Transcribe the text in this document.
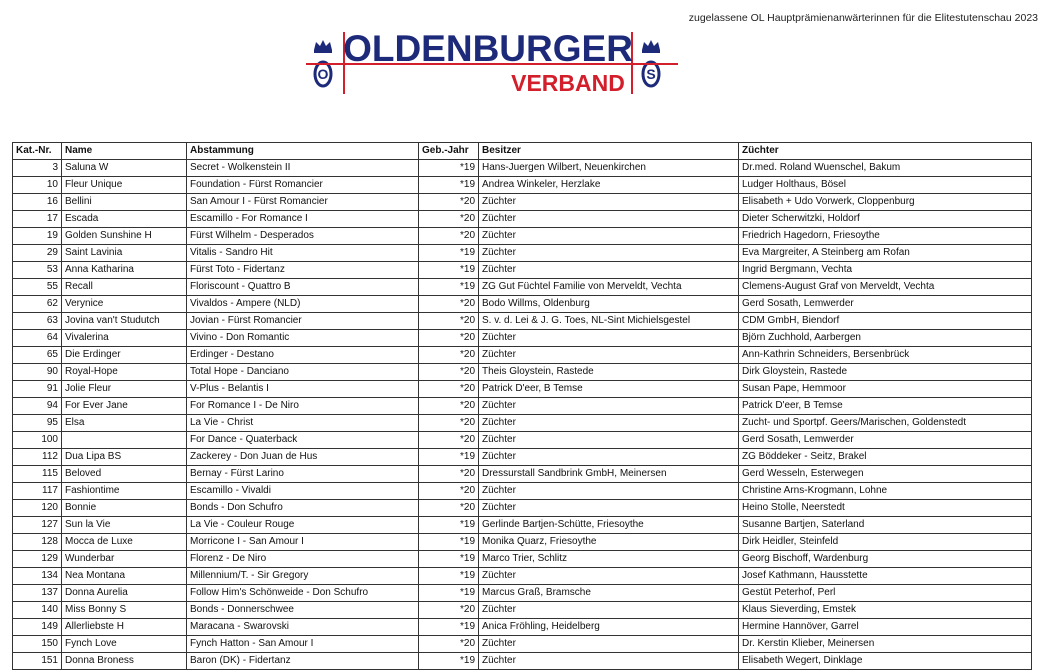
zugelassene OL Hauptprämienanwärterinnen für die Elitestutenschau 2023
O	S
OLDENBURGER
VERBAND
Kat.-Nr.	Name	Abstammung	Geb.-Jahr	Besitzer	Züchter
3	Saluna W	Secret - Wolkenstein II	*19	Hans-Juergen Wilbert, Neuenkirchen	Dr.med. Roland Wuenschel, Bakum
10	Fleur Unique	Foundation - Fürst Romancier	*19	Andrea Winkeler, Herzlake	Ludger Holthaus, Bösel
16	Bellini	San Amour I - Fürst Romancier	*20	Züchter	Elisabeth + Udo Vorwerk, Cloppenburg
17	Escada	Escamillo - For Romance I	*20	Züchter	Dieter Scherwitzki, Holdorf
19	Golden Sunshine H	Fürst Wilhelm - Desperados	*20	Züchter	Friedrich Hagedorn, Friesoythe
29	Saint Lavinia	Vitalis - Sandro Hit	*19	Züchter	Eva Margreiter, A Steinberg am Rofan
53	Anna Katharina	Fürst Toto - Fidertanz	*19	Züchter	Ingrid Bergmann, Vechta
55	Recall	Floriscount - Quattro B	*19	ZG Gut Füchtel Familie von Merveldt, Vechta	Clemens-August Graf von Merveldt, Vechta
62	Verynice	Vivaldos - Ampere (NLD)	*20	Bodo Willms, Oldenburg	Gerd Sosath, Lemwerder
63	Jovina van't Studutch	Jovian - Fürst Romancier	*20	S. v. d. Lei & J. G. Toes, NL-Sint Michielsgestel	CDM GmbH, Biendorf
64	Vivalerina	Vivino - Don Romantic	*20	Züchter	Björn Zuchhold, Aarbergen
65	Die Erdinger	Erdinger - Destano	*20	Züchter	Ann-Kathrin Schneiders, Bersenbrück
90	Royal-Hope	Total Hope - Danciano	*20	Theis Gloystein, Rastede	Dirk Gloystein, Rastede
91	Jolie Fleur	V-Plus - Belantis I	*20	Patrick D'eer, B Temse	Susan Pape, Hemmoor
94	For Ever Jane	For Romance I - De Niro	*20	Züchter	Patrick D'eer, B Temse
95	Elsa	La Vie - Christ	*20	Züchter	Zucht- und Sportpf. Geers/Marischen, Goldenstedt
100		For Dance - Quaterback	*20	Züchter	Gerd Sosath, Lemwerder
112	Dua Lipa BS	Zackerey - Don Juan de Hus	*19	Züchter	ZG Böddeker - Seitz, Brakel
115	Beloved	Bernay - Fürst Larino	*20	Dressurstall Sandbrink GmbH, Meinersen	Gerd Wesseln, Esterwegen
117	Fashiontime	Escamillo - Vivaldi	*20	Züchter	Christine Arns-Krogmann, Lohne
120	Bonnie	Bonds - Don Schufro	*20	Züchter	Heino Stolle, Neerstedt
127	Sun la Vie	La Vie - Couleur Rouge	*19	Gerlinde Bartjen-Schütte, Friesoythe	Susanne Bartjen, Saterland
128	Mocca de Luxe	Morricone I - San Amour I	*19	Monika Quarz, Friesoythe	Dirk Heidler, Steinfeld
129	Wunderbar	Florenz - De Niro	*19	Marco Trier, Schlitz	Georg Bischoff, Wardenburg
134	Nea Montana	Millennium/T. - Sir Gregory	*19	Züchter	Josef Kathmann, Hausstette
137	Donna Aurelia	Follow Him's Schönweide - Don Schufro	*19	Marcus Graß, Bramsche	Gestüt Peterhof, Perl
140	Miss Bonny S	Bonds - Donnerschwee	*20	Züchter	Klaus Sieverding, Emstek
149	Allerliebste H	Maracana - Swarovski	*19	Anica Fröhling, Heidelberg	Hermine Hannöver, Garrel
150	Fynch Love	Fynch Hatton - San Amour I	*20	Züchter	Dr. Kerstin Klieber, Meinersen
151	Donna Broness	Baron (DK) - Fidertanz	*19	Züchter	Elisabeth Wegert, Dinklage
